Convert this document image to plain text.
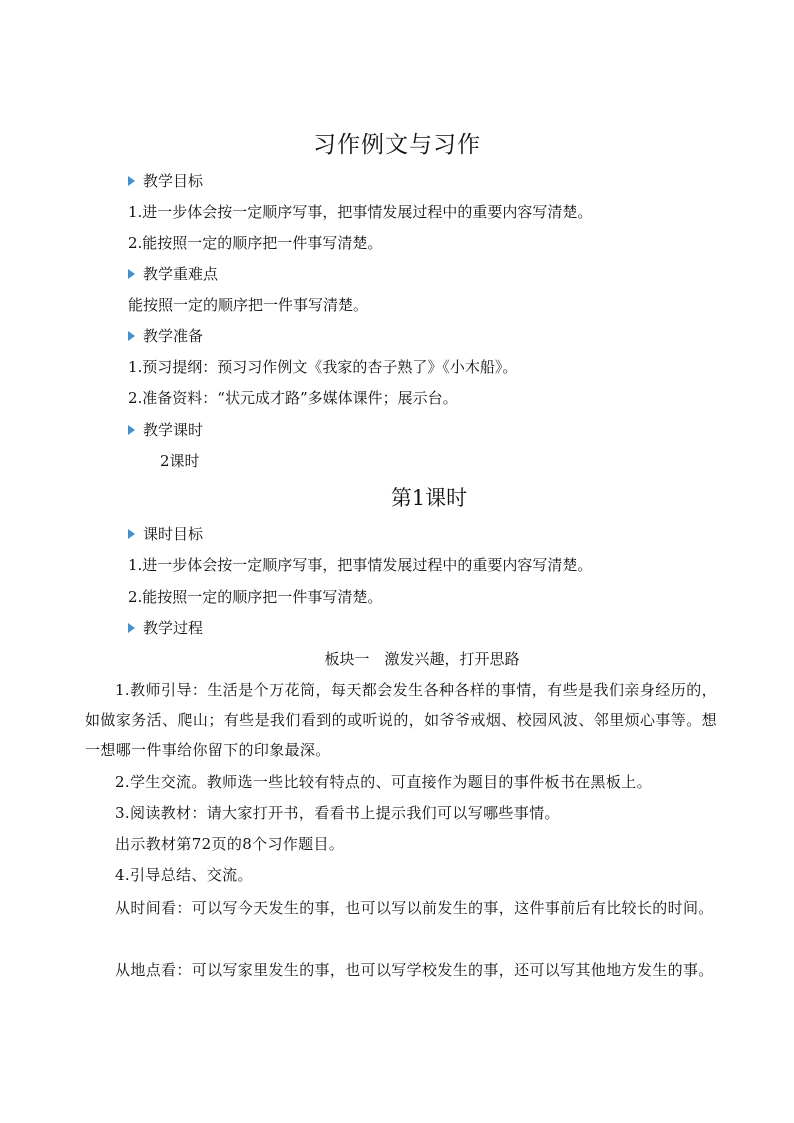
习作例文与习作
教学目标
1.进一步体会按一定顺序写事，把事情发展过程中的重要内容写清楚。
2.能按照一定的顺序把一件事写清楚。
教学重难点
能按照一定的顺序把一件事写清楚。
教学准备
1.预习提纲：预习习作例文《我家的杏子熟了》《小木船》。
2.准备资料：“状元成才路”多媒体课件；展示台。
教学课时
2课时
第1课时
课时目标
1.进一步体会按一定顺序写事，把事情发展过程中的重要内容写清楚。
2.能按照一定的顺序把一件事写清楚。
教学过程
板块一　激发兴趣，打开思路
1.教师引导：生活是个万花筒，每天都会发生各种各样的事情，有些是我们亲身经历的，如做家务活、爬山；有些是我们看到的或听说的，如爷爷戒烟、校园风波、邻里烦心事等。想一想哪一件事给你留下的印象最深。
2.学生交流。教师选一些比较有特点的、可直接作为题目的事件板书在黑板上。
3.阅读教材：请大家打开书，看看书上提示我们可以写哪些事情。
出示教材第72页的8个习作题目。
4.引导总结、交流。
从时间看：可以写今天发生的事，也可以写以前发生的事，这件事前后有比较长的时间。
从地点看：可以写家里发生的事，也可以写学校发生的事，还可以写其他地方发生的事。
